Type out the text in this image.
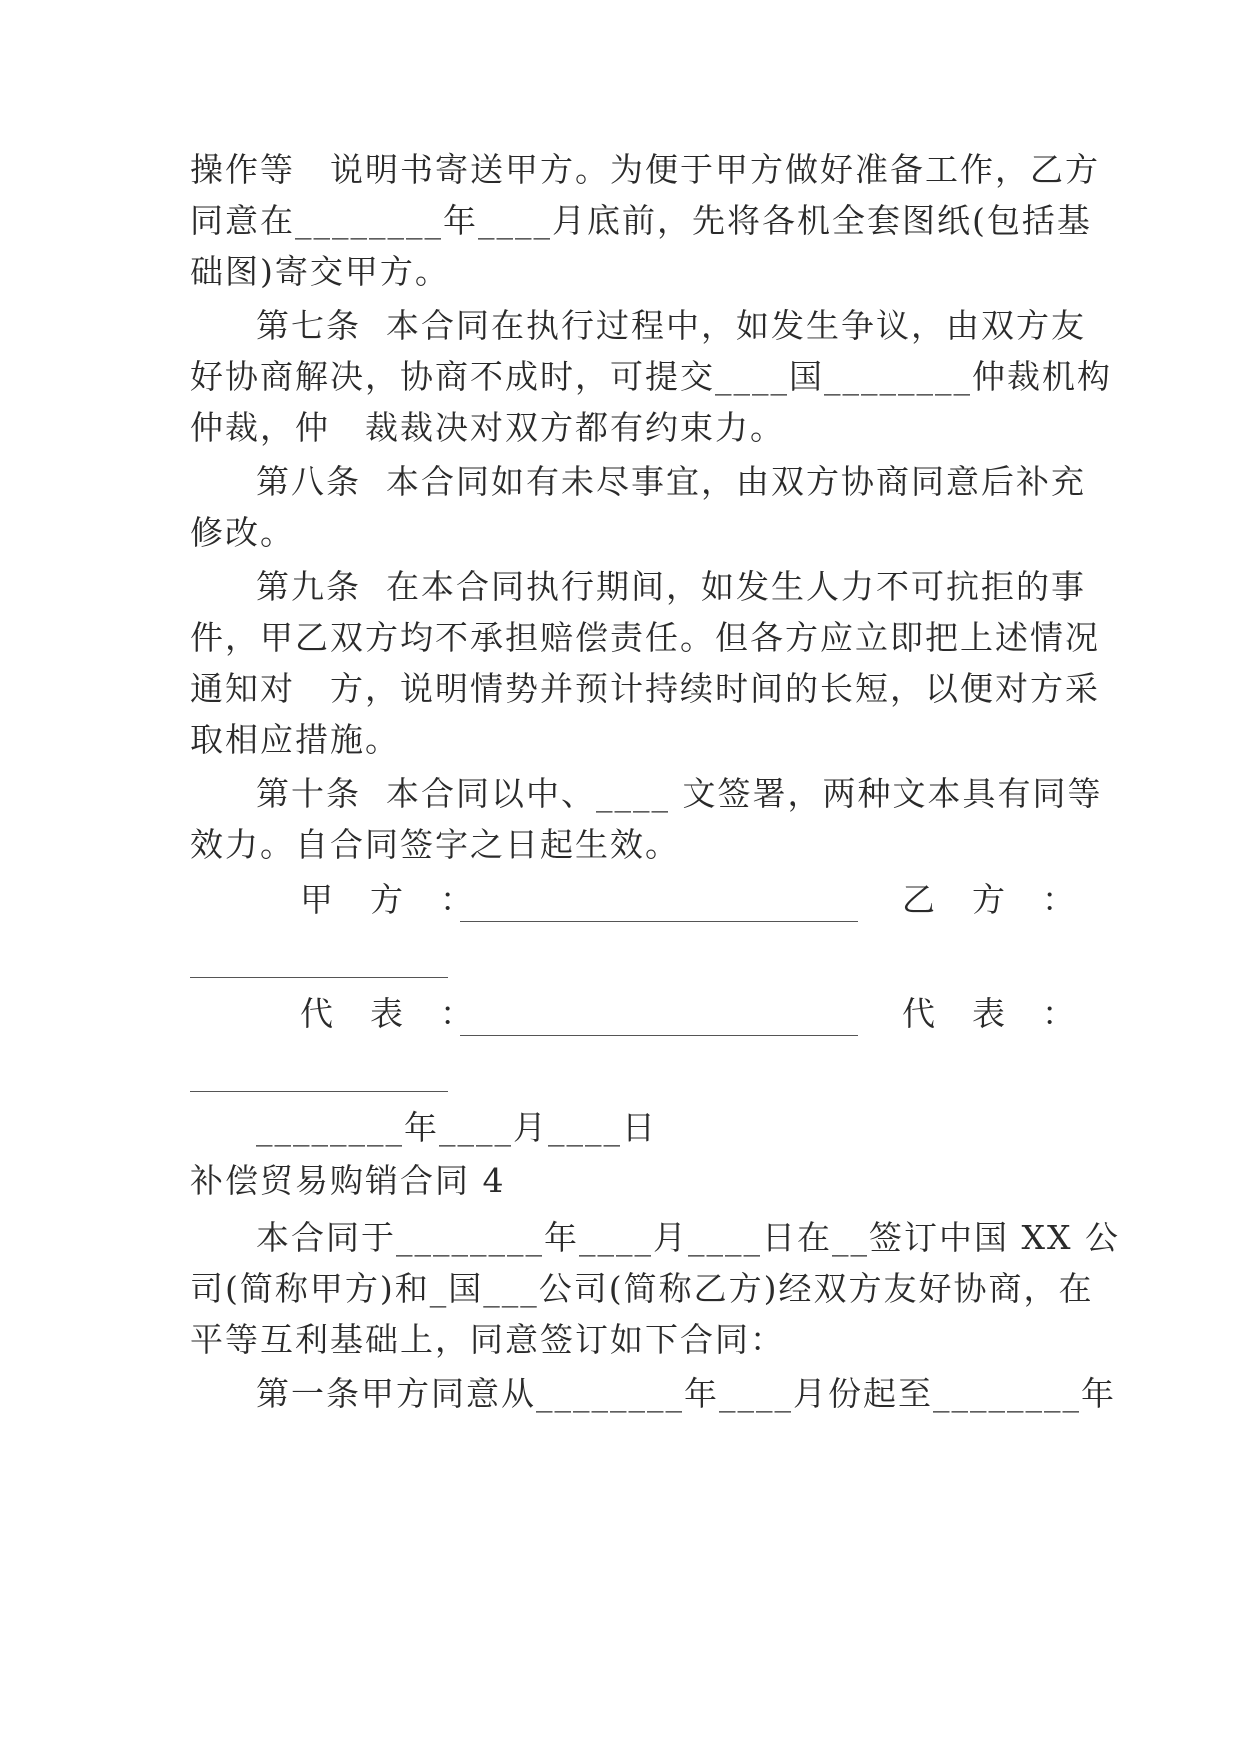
操作等　说明书寄送甲方。为便于甲方做好准备工作，乙方
同意在________年____月底前，先将各机全套图纸(包括基
础图)寄交甲方。
第七条  本合同在执行过程中，如发生争议，由双方友
好协商解决，协商不成时，可提交____国________仲裁机构
仲裁，仲　裁裁决对双方都有约束力。
第八条  本合同如有未尽事宜，由双方协商同意后补充
修改。
第九条  在本合同执行期间，如发生人力不可抗拒的事
件，甲乙双方均不承担赔偿责任。但各方应立即把上述情况
通知对　方，说明情势并预计持续时间的长短，以便对方采
取相应措施。
第十条  本合同以中、____ 文签署，两种文本具有同等
效力。自合同签字之日起生效。
甲　方　：	乙　方　：
代　表　：	代　表　：
________年____月____日
补偿贸易购销合同 4
本合同于________年____月____日在__签订中国 XX 公
司(简称甲方)和_国___公司(简称乙方)经双方友好协商，在
平等互利基础上，同意签订如下合同：
第一条甲方同意从________年____月份起至________年
